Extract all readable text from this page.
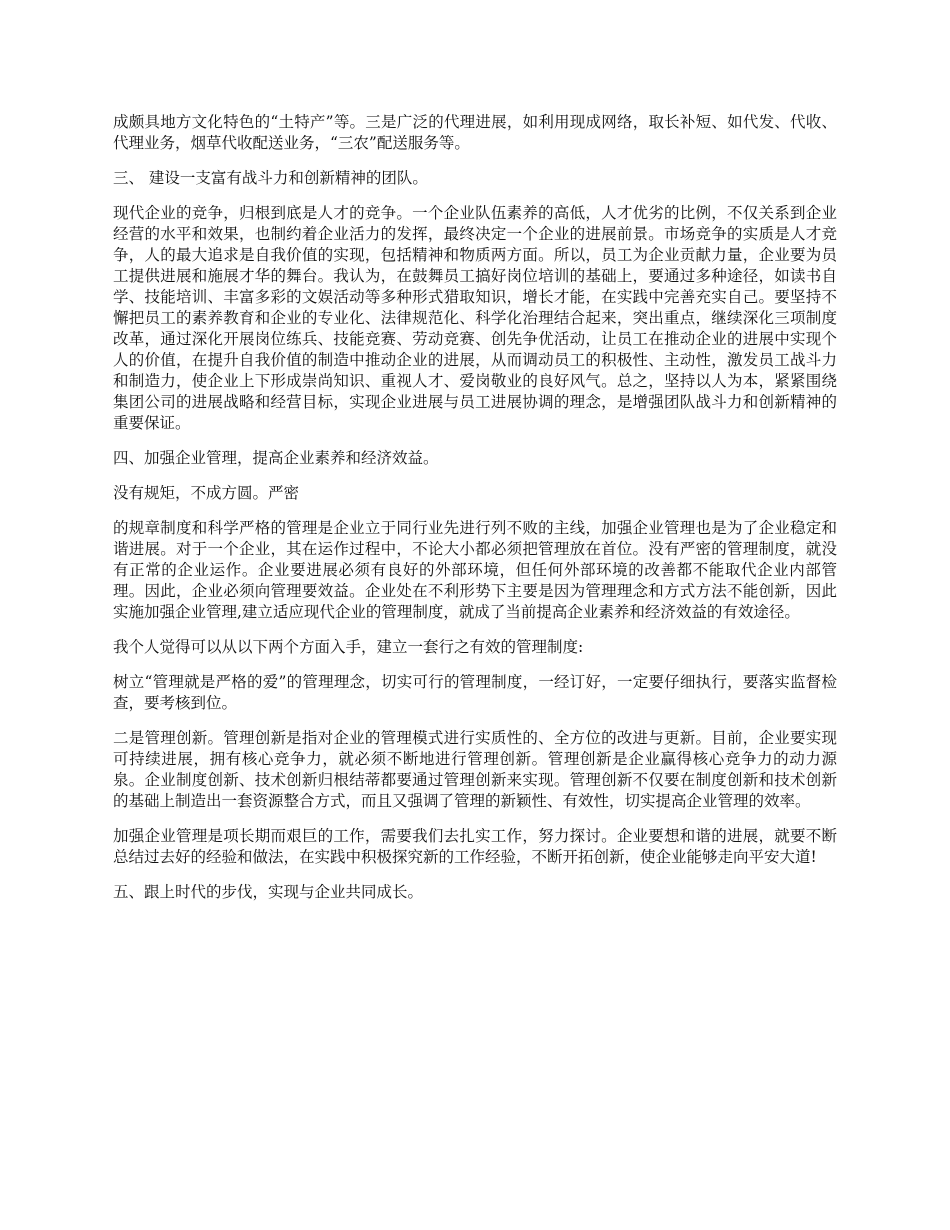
成颇具地方文化特色的“土特产”等。三是广泛的代理进展，如利用现成网络，取长补短、如代发、代收、代理业务，烟草代收配送业务，“三农”配送服务等。

三、 建设一支富有战斗力和创新精神的团队。

现代企业的竞争，归根到底是人才的竞争。一个企业队伍素养的高低，人才优劣的比例，不仅关系到企业经营的水平和效果，也制约着企业活力的发挥，最终决定一个企业的进展前景。市场竞争的实质是人才竞争，人的最大追求是自我价值的实现，包括精神和物质两方面。所以，员工为企业贡献力量，企业要为员工提供进展和施展才华的舞台。我认为，在鼓舞员工搞好岗位培训的基础上，要通过多种途径，如读书自学、技能培训、丰富多彩的文娱活动等多种形式猎取知识，增长才能，在实践中完善充实自己。要坚持不懈把员工的素养教育和企业的专业化、法律规范化、科学化治理结合起来，突出重点，继续深化三项制度改革，通过深化开展岗位练兵、技能竞赛、劳动竞赛、创先争优活动，让员工在推动企业的进展中实现个人的价值，在提升自我价值的制造中推动企业的进展，从而调动员工的积极性、主动性，激发员工战斗力和制造力，使企业上下形成崇尚知识、重视人才、爱岗敬业的良好风气。总之，坚持以人为本，紧紧围绕集团公司的进展战略和经营目标，实现企业进展与员工进展协调的理念，是增强团队战斗力和创新精神的重要保证。

四、加强企业管理，提高企业素养和经济效益。

没有规矩，不成方圆。严密

的规章制度和科学严格的管理是企业立于同行业先进行列不败的主线，加强企业管理也是为了企业稳定和谐进展。对于一个企业，其在运作过程中，不论大小都必须把管理放在首位。没有严密的管理制度，就没有正常的企业运作。企业要进展必须有良好的外部环境，但任何外部环境的改善都不能取代企业内部管理。因此，企业必须向管理要效益。企业处在不利形势下主要是因为管理理念和方式方法不能创新，因此实施加强企业管理,建立适应现代企业的管理制度，就成了当前提高企业素养和经济效益的有效途径。

我个人觉得可以从以下两个方面入手，建立一套行之有效的管理制度:

树立“管理就是严格的爱”的管理理念，切实可行的管理制度，一经订好，一定要仔细执行，要落实监督检查，要考核到位。

二是管理创新。管理创新是指对企业的管理模式进行实质性的、全方位的改进与更新。目前，企业要实现可持续进展，拥有核心竞争力，就必须不断地进行管理创新。管理创新是企业赢得核心竞争力的动力源泉。企业制度创新、技术创新归根结蒂都要通过管理创新来实现。管理创新不仅要在制度创新和技术创新的基础上制造出一套资源整合方式，而且又强调了管理的新颖性、有效性，切实提高企业管理的效率。

加强企业管理是项长期而艰巨的工作，需要我们去扎实工作，努力探讨。企业要想和谐的进展，就要不断总结过去好的经验和做法，在实践中积极探究新的工作经验，不断开拓创新，使企业能够走向平安大道!

五、跟上时代的步伐，实现与企业共同成长。
